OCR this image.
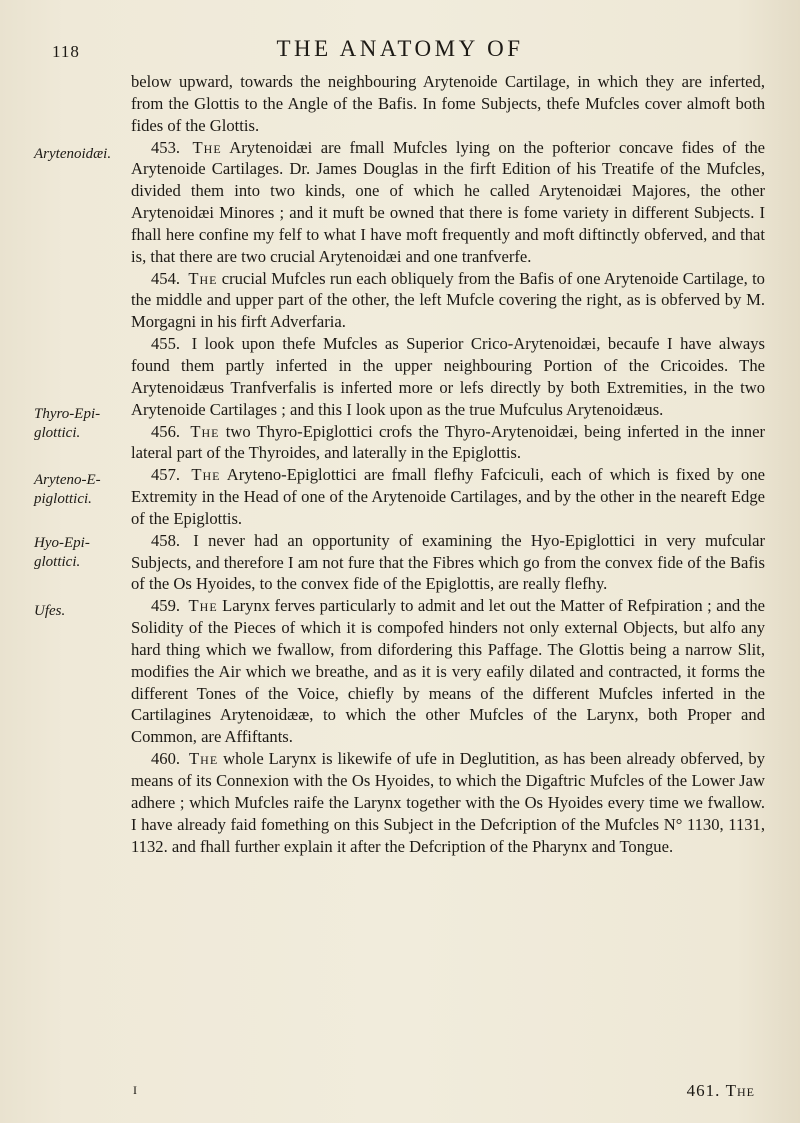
118	THE ANATOMY OF
Arytenoidæi.
Thyro-Epi-glottici.
Aryteno-E-piglottici.
Hyo-Epi-glottici.
Ufes.

below upward, towards the neighbouring Arytenoide Cartilage, in which they are inferted, from the Glottis to the Angle of the Bafis. In fome Subjects, thefe Mufcles cover almoft both fides of the Glottis.

453. The Arytenoidæi are fmall Mufcles lying on the pofterior concave fides of the Arytenoide Cartilages. Dr. James Douglas in the firft Edition of his Treatife of the Mufcles, divided them into two kinds, one of which he called Arytenoidæi Majores, the other Arytenoidæi Minores ; and it muft be owned that there is fome variety in different Subjects. I fhall here confine my felf to what I have moft frequently and moft diftinctly obferved, and that is, that there are two crucial Arytenoidæi and one tranfverfe.

454. The crucial Mufcles run each obliquely from the Bafis of one Arytenoide Cartilage, to the middle and upper part of the other, the left Mufcle covering the right, as is obferved by M. Morgagni in his firft Adverfaria.

455. I look upon thefe Mufcles as Superior Crico-Arytenoidæi, becaufe I have always found them partly inferted in the upper neighbouring Portion of the Cricoides. The Arytenoidæus Tranfverfalis is inferted more or lefs directly by both Extremities, in the two Arytenoide Cartilages ; and this I look upon as the true Mufculus Arytenoidæus.

456. The two Thyro-Epiglottici crofs the Thyro-Arytenoidæi, being inferted in the inner lateral part of the Thyroides, and laterally in the Epiglottis.

457. The Aryteno-Epiglottici are fmall flefhy Fafciculi, each of which is fixed by one Extremity in the Head of one of the Arytenoide Cartilages, and by the other in the neareft Edge of the Epiglottis.

458. I never had an opportunity of examining the Hyo-Epiglottici in very mufcular Subjects, and therefore I am not fure that the Fibres which go from the convex fide of the Bafis of the Os Hyoides, to the convex fide of the Epiglottis, are really flefhy.

459. The Larynx ferves particularly to admit and let out the Matter of Refpiration ; and the Solidity of the Pieces of which it is compofed hinders not only external Objects, but alfo any hard thing which we fwallow, from difordering this Paffage. The Glottis being a narrow Slit, modifies the Air which we breathe, and as it is very eafily dilated and contracted, it forms the different Tones of the Voice, chiefly by means of the different Mufcles inferted in the Cartilagines Arytenoidææ, to which the other Mufcles of the Larynx, both Proper and Common, are Affiftants.

460. The whole Larynx is likewife of ufe in Deglutition, as has been already obferved, by means of its Connexion with the Os Hyoides, to which the Digaftric Mufcles of the Lower Jaw adhere ; which Mufcles raife the Larynx together with the Os Hyoides every time we fwallow. I have already faid fomething on this Subject in the Defcription of the Mufcles N° 1130, 1131, 1132. and fhall further explain it after the Defcription of the Pharynx and Tongue.

I	461. The
